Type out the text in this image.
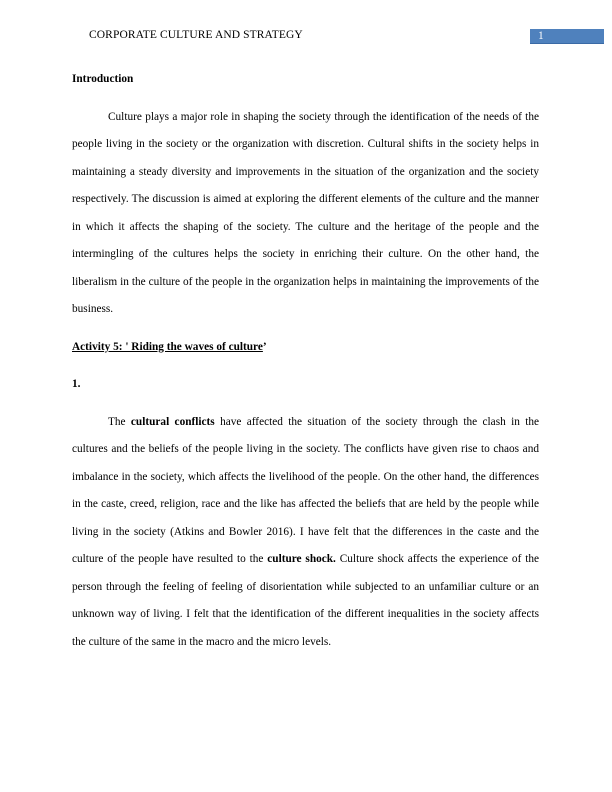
CORPORATE CULTURE AND STRATEGY	1

Introduction

Culture plays a major role in shaping the society through the identification of the needs of the people living in the society or the organization with discretion. Cultural shifts in the society helps in maintaining a steady diversity and improvements in the situation of the organization and the society respectively. The discussion is aimed at exploring the different elements of the culture and the manner in which it affects the shaping of the society. The culture and the heritage of the people and the intermingling of the cultures helps the society in enriching their culture. On the other hand, the liberalism in the culture of the people in the organization helps in maintaining the improvements of the business.

Activity 5: ' Riding the waves of culture’

1.

The cultural conflicts have affected the situation of the society through the clash in the cultures and the beliefs of the people living in the society. The conflicts have given rise to chaos and imbalance in the society, which affects the livelihood of the people. On the other hand, the differences in the caste, creed, religion, race and the like has affected the beliefs that are held by the people while living in the society (Atkins and Bowler 2016). I have felt that the differences in the caste and the culture of the people have resulted to the culture shock. Culture shock affects the experience of the person through the feeling of feeling of disorientation while subjected to an unfamiliar culture or an unknown way of living. I felt that the identification of the different inequalities in the society affects the culture of the same in the macro and the micro levels.
